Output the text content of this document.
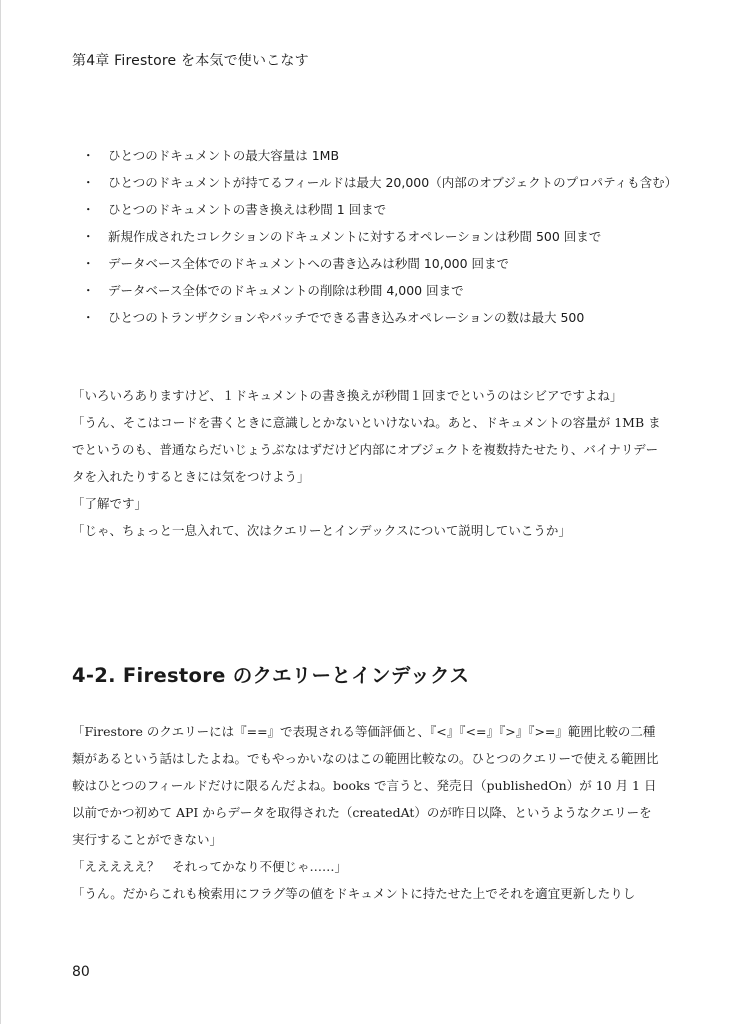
第4章 Firestore を本気で使いこなす
・ ひとつのドキュメントの最大容量は 1MB
・ ひとつのドキュメントが持てるフィールドは最大 20,000（内部のオブジェクトのプロパティも含む）
・ ひとつのドキュメントの書き換えは秒間 1 回まで
・ 新規作成されたコレクションのドキュメントに対するオペレーションは秒間 500 回まで
・ データベース全体でのドキュメントへの書き込みは秒間 10,000 回まで
・ データベース全体でのドキュメントの削除は秒間 4,000 回まで
・ ひとつのトランザクションやバッチでできる書き込みオペレーションの数は最大 500

「いろいろありますけど、１ドキュメントの書き換えが秒間１回までというのはシビアですよね」

「うん、そこはコードを書くときに意識しとかないといけないね。あと、ドキュメントの容量が 1MB までというのも、普通ならだいじょうぶなはずだけど内部にオブジェクトを複数持たせたり、バイナリデータを入れたりするときには気をつけよう」

「了解です」

「じゃ、ちょっと一息入れて、次はクエリーとインデックスについて説明していこうか」

4-2. Firestore のクエリーとインデックス

「Firestore のクエリーには『==』で表現される等価評価と、『<』『<=』『>』『>=』範囲比較の二種類があるという話はしたよね。でもやっかいなのはこの範囲比較なの。ひとつのクエリーで使える範囲比較はひとつのフィールドだけに限るんだよね。books で言うと、発売日（publishedOn）が 10 月 1 日以前でかつ初めて API からデータを取得された（createdAt）のが昨日以降、というようなクエリーを実行することができない」

「えええええ？　それってかなり不便じゃ……」

「うん。だからこれも検索用にフラグ等の値をドキュメントに持たせた上でそれを適宜更新したりし

80
